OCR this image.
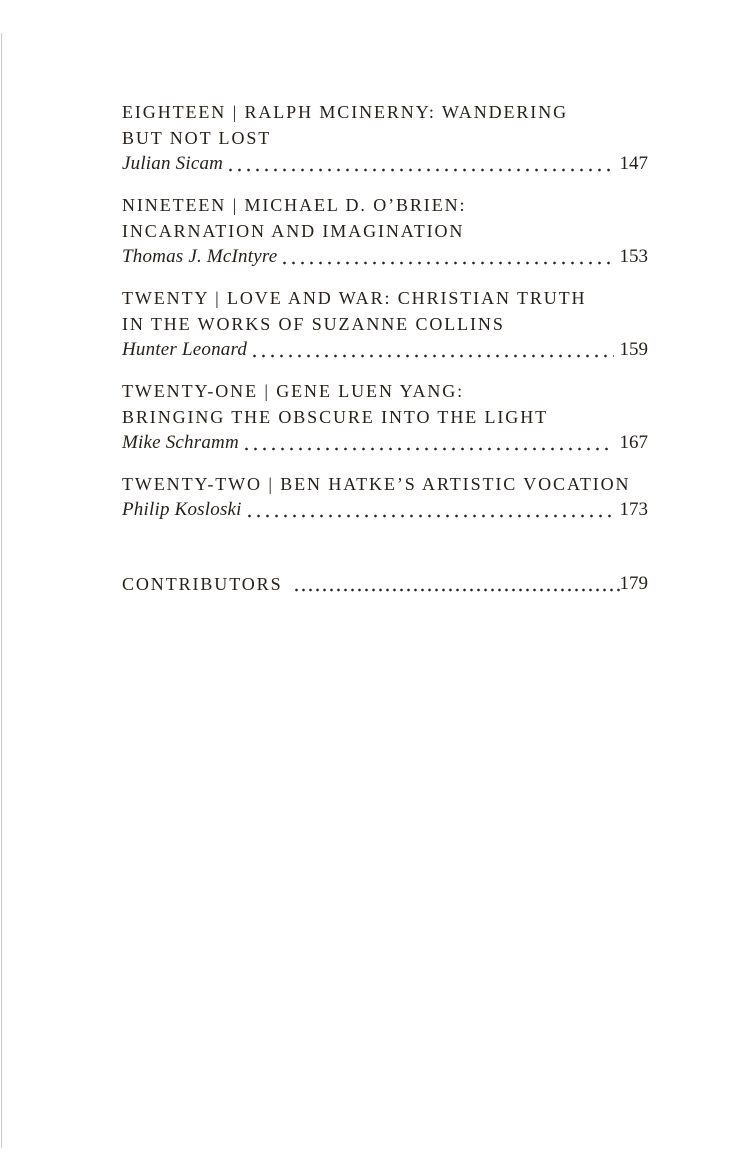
EIGHTEEN | RALPH MCINERNY: WANDERING
BUT NOT LOST
Julian Sicam	147
NINETEEN | MICHAEL D. O’BRIEN:
INCARNATION AND IMAGINATION
Thomas J. McIntyre	153
TWENTY | LOVE AND WAR: CHRISTIAN TRUTH
IN THE WORKS OF SUZANNE COLLINS
Hunter Leonard	159
TWENTY-ONE | GENE LUEN YANG:
BRINGING THE OBSCURE INTO THE LIGHT
Mike Schramm	167
TWENTY-TWO | BEN HATKE’S ARTISTIC VOCATION
Philip Kosloski	173
CONTRIBUTORS	179
